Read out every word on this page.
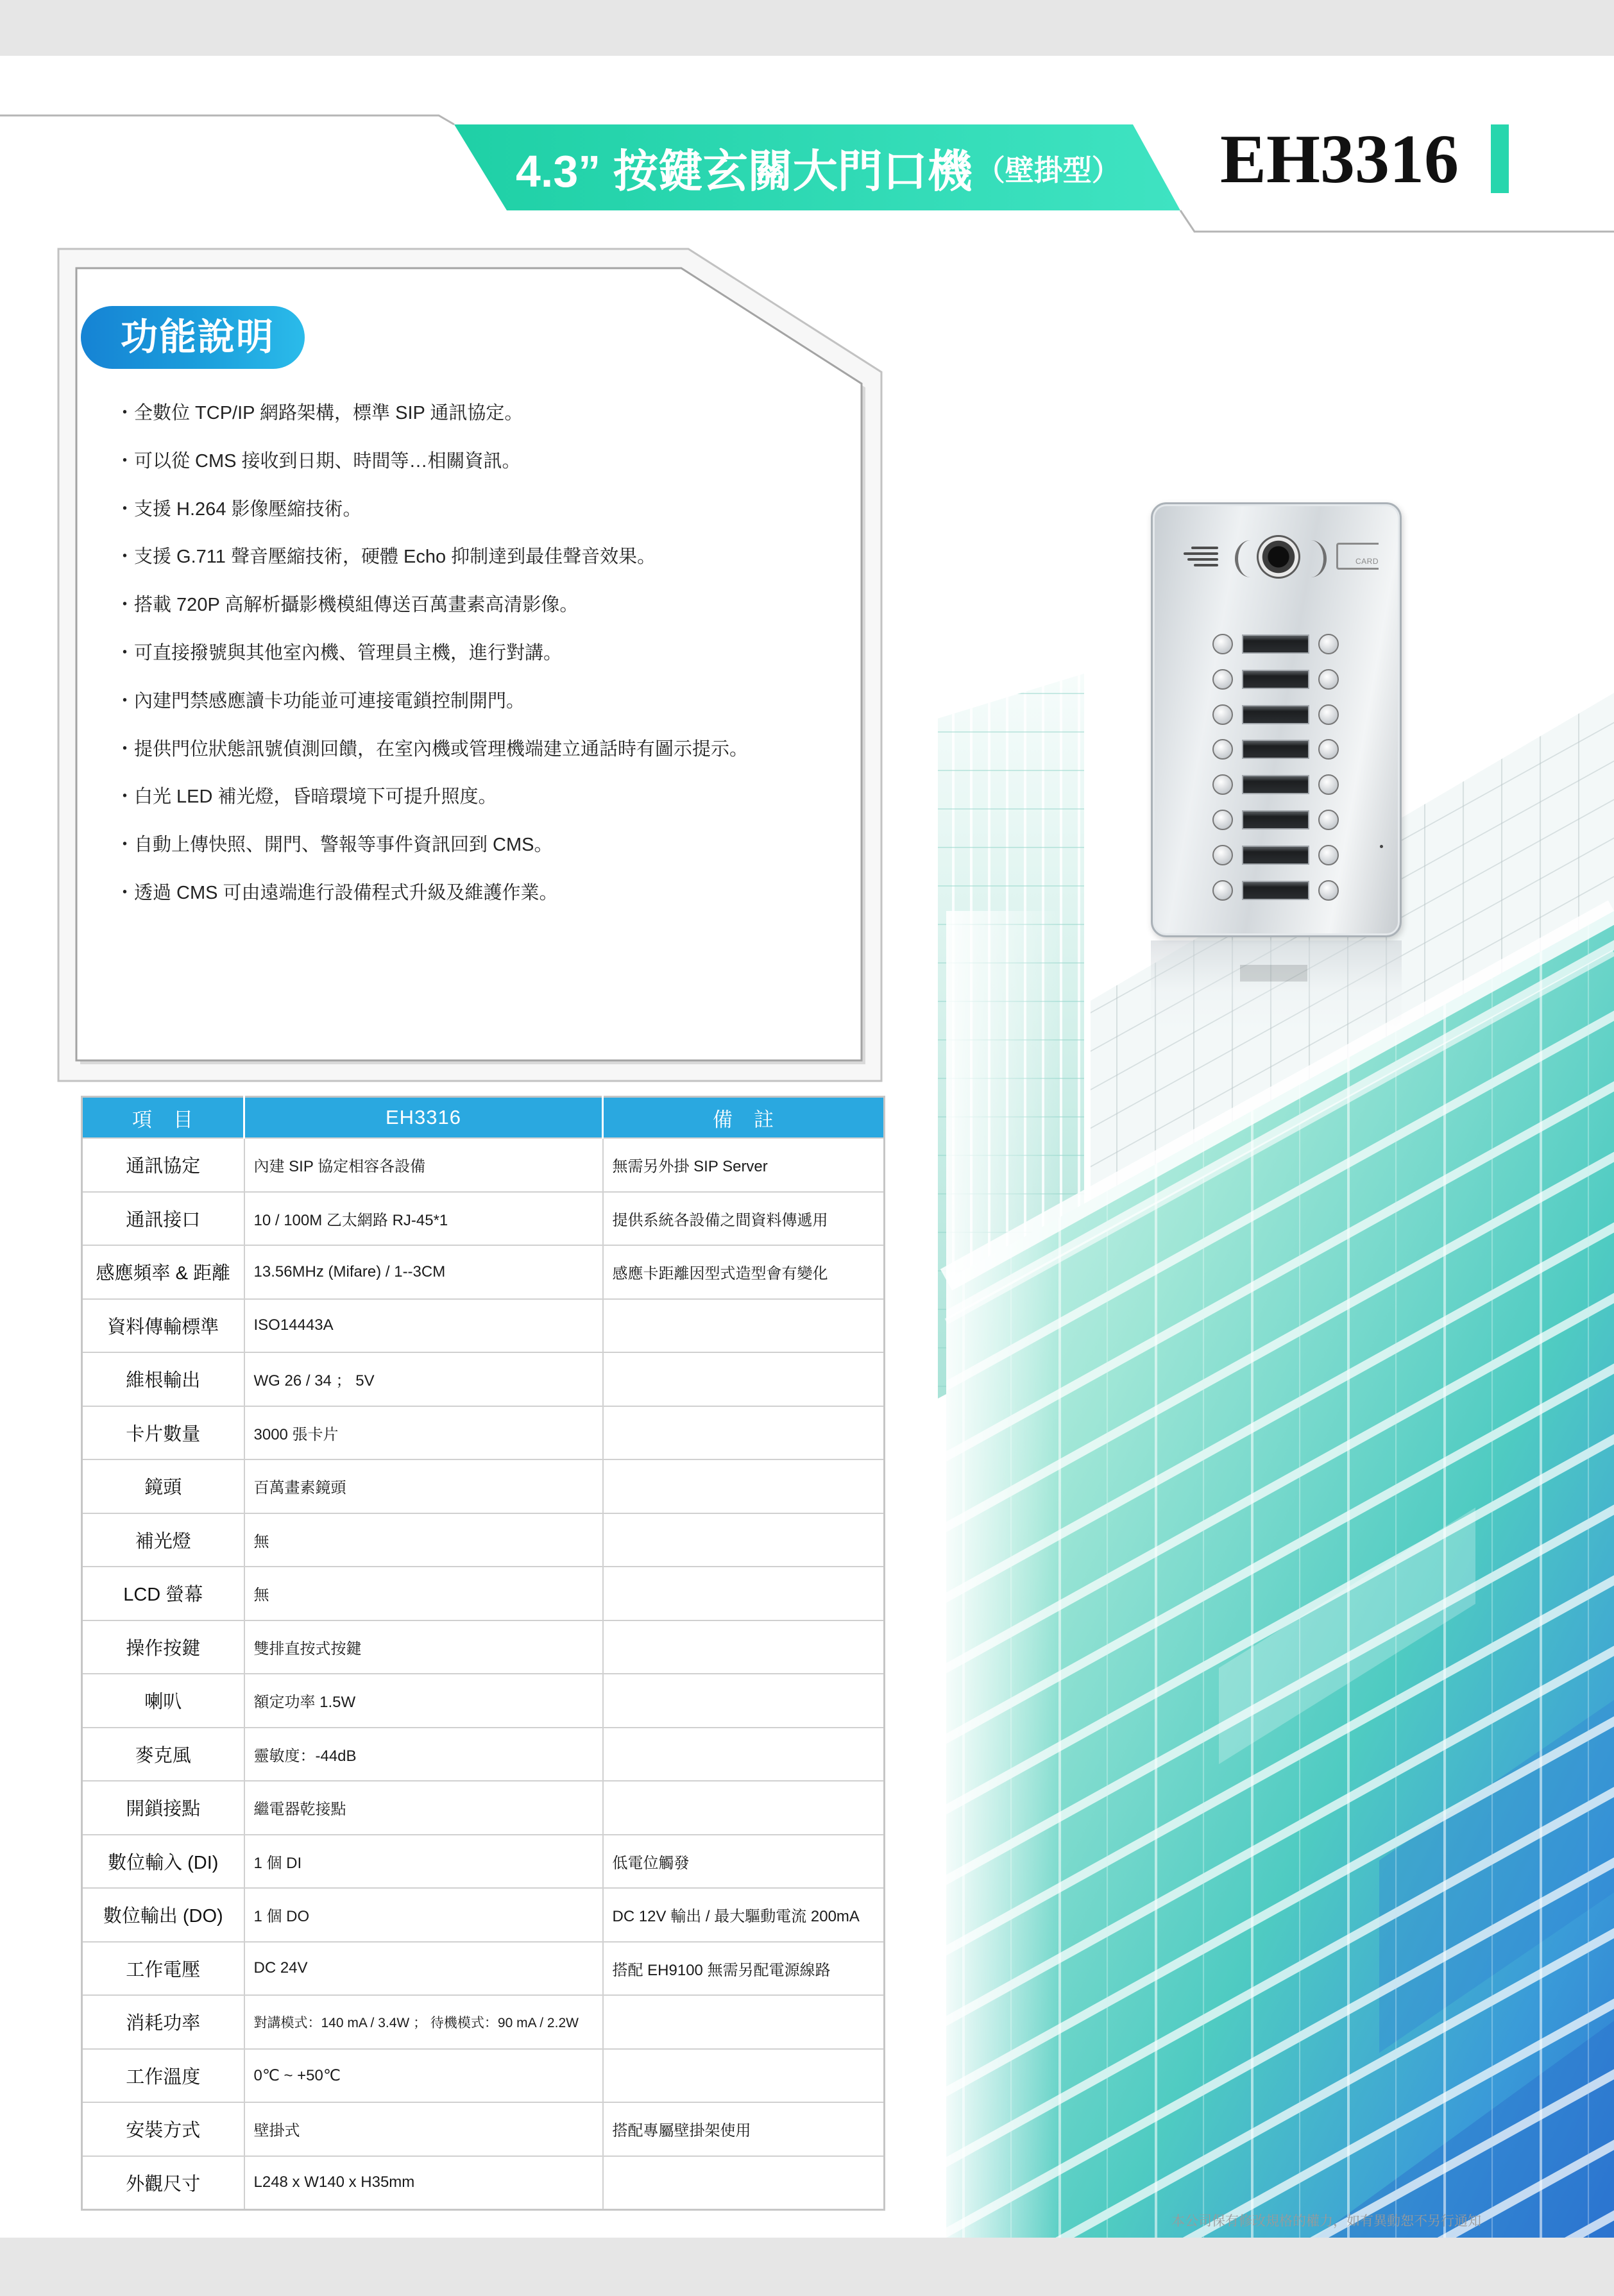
4.3” 按鍵玄關大門口機 （壁掛型） EH3316
功能說明
・全數位 TCP/IP 網路架構，標準 SIP 通訊協定。
・可以從 CMS 接收到日期、時間等…相關資訊。
・支援 H.264 影像壓縮技術。
・支援 G.711 聲音壓縮技術，硬體 Echo 抑制達到最佳聲音效果。
・搭載 720P 高解析攝影機模組傳送百萬畫素高清影像。
・可直接撥號與其他室內機、管理員主機，進行對講。
・內建門禁感應讀卡功能並可連接電鎖控制開門。
・提供門位狀態訊號偵測回饋，在室內機或管理機端建立通話時有圖示提示。
・白光 LED 補光燈，昏暗環境下可提升照度。
・自動上傳快照、開門、警報等事件資訊回到 CMS。
・透過 CMS 可由遠端進行設備程式升級及維護作業。
CARD
項　目	EH3316	備　註
通訊協定	內建 SIP 協定相容各設備	無需另外掛 SIP Server
通訊接口	10 / 100M 乙太網路 RJ-45*1	提供系統各設備之間資料傳遞用
感應頻率 & 距離	13.56MHz (Mifare) / 1--3CM	感應卡距離因型式造型會有變化
資料傳輸標準	ISO14443A	
維根輸出	WG 26 / 34 ； 5V	
卡片數量	3000 張卡片	
鏡頭	百萬畫素鏡頭	
補光燈	無	
LCD 螢幕	無	
操作按鍵	雙排直按式按鍵	
喇叭	額定功率 1.5W	
麥克風	靈敏度：-44dB	
開鎖接點	繼電器乾接點	
數位輸入 (DI)	1 個 DI	低電位觸發
數位輸出 (DO)	1 個 DO	DC 12V 輸出 / 最大驅動電流 200mA
工作電壓	DC 24V	搭配 EH9100 無需另配電源線路
消耗功率	對講模式：140 mA / 3.4W ； 待機模式：90 mA / 2.2W	
工作溫度	0℃ ~ +50℃	
安裝方式	壁掛式	搭配專屬壁掛架使用
外觀尺寸	L248 x W140 x H35mm	
本公司保有修改規格的權力，如有異動恕不另行通知
